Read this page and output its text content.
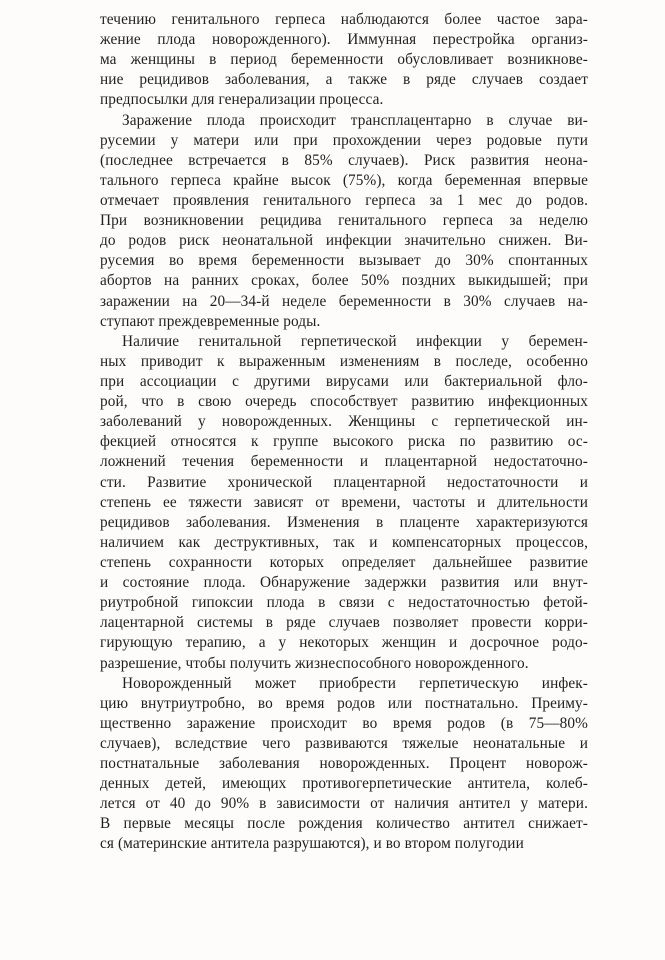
течению генитального герпеса наблюдаются более частое зара-
жение плода новорожденного). Иммунная перестройка организ-
ма женщины в период беременности обусловливает возникнове-
ние рецидивов заболевания, а также в ряде случаев создает
предпосылки для генерализации процесса.
Заражение плода происходит трансплацентарно в случае ви-
русемии у матери или при прохождении через родовые пути
(последнее встречается в 85% случаев). Риск развития неона-
тального герпеса крайне высок (75%), когда беременная впервые
отмечает проявления генитального герпеса за 1 мес до родов.
При возникновении рецидива генитального герпеса за неделю
до родов риск неонатальной инфекции значительно снижен. Ви-
русемия во время беременности вызывает до 30% спонтанных
абортов на ранних сроках, более 50% поздних выкидышей; при
заражении на 20—34-й неделе беременности в 30% случаев на-
ступают преждевременные роды.
Наличие генитальной герпетической инфекции у беремен-
ных приводит к выраженным изменениям в последе, особенно
при ассоциации с другими вирусами или бактериальной фло-
рой, что в свою очередь способствует развитию инфекционных
заболеваний у новорожденных. Женщины с герпетической ин-
фекцией относятся к группе высокого риска по развитию ос-
ложнений течения беременности и плацентарной недостаточно-
сти. Развитие хронической плацентарной недостаточности и
степень ее тяжести зависят от времени, частоты и длительности
рецидивов заболевания. Изменения в плаценте характеризуются
наличием как деструктивных, так и компенсаторных процессов,
степень сохранности которых определяет дальнейшее развитие
и состояние плода. Обнаружение задержки развития или внут-
риутробной гипоксии плода в связи с недостаточностью фетой-
лацентарной системы в ряде случаев позволяет провести корри-
гирующую терапию, а у некоторых женщин и досрочное родо-
разрешение, чтобы получить жизнеспособного новорожденного.
Новорожденный может приобрести герпетическую инфек-
цию внутриутробно, во время родов или постнатально. Преиму-
щественно заражение происходит во время родов (в 75—80%
случаев), вследствие чего развиваются тяжелые неонатальные и
постнатальные заболевания новорожденных. Процент новорож-
денных детей, имеющих противогерпетические антитела, колеб-
лется от 40 до 90% в зависимости от наличия антител у матери.
В первые месяцы после рождения количество антител снижает-
ся (материнские антитела разрушаются), и во втором полугодии
